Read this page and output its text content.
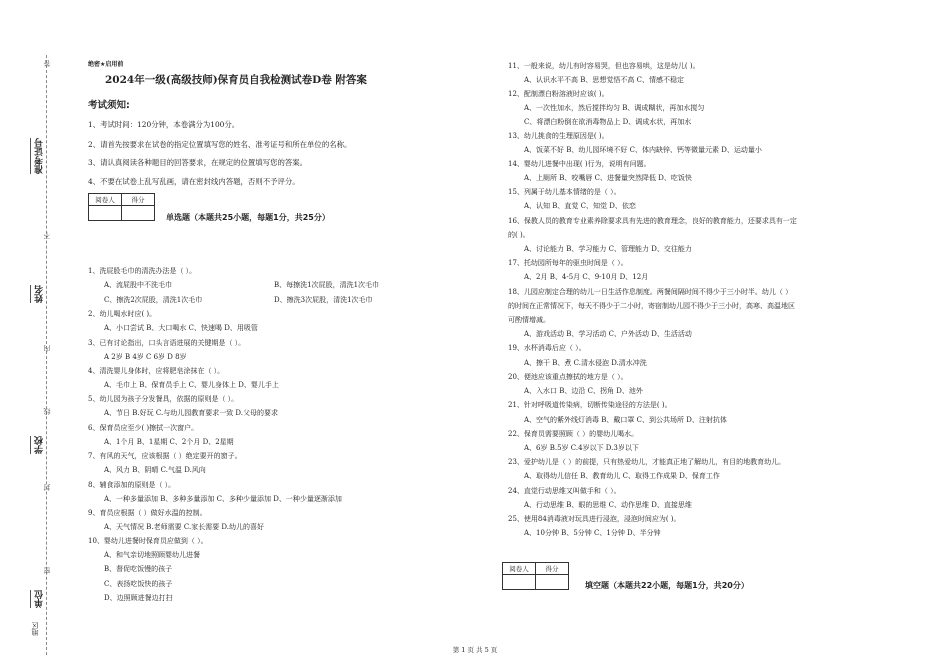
准考证号
姓名
学校
单位
地区
答
不
内
线
封
密
绝密★启用前
2024年一级(高级技师)保育员自我检测试卷D卷 附答案
考试须知:
1、考试时间：120分钟，本卷满分为100分。
2、请首先按要求在试卷的指定位置填写您的姓名、准考证号和所在单位的名称。
3、请认真阅读各种题目的回答要求，在规定的位置填写您的答案。
4、不要在试卷上乱写乱画，请在密封线内答题，否则不予评分。
阅卷人	得分

单选题（本题共25小题，每题1分，共25分）
1、洗屁股毛巾的清洗办法是（ ）。
A、流屁股中不洗毛巾	B、每擦洗1次屁股，清洗1次毛巾
C、擦洗2次屁股，清洗1次毛巾	D、擦洗3次屁股，清洗1次毛巾
2、幼儿喝水时应( )。
A、小口尝试 B、大口喝水 C、快速喝 D、用吸管
3、已有讨论指出，口头言语进展的关键期是（ ）。
A 2岁 B 4岁 C 6岁 D 8岁
4、清洗婴儿身体时，应将肥皂涂抹在（ ）。
A、毛巾上 B、保育员手上 C、婴儿身体上 D、婴儿手上
5、幼儿园为孩子分发餐具，依据的原则是（ ）。
A、节日 B.好玩 C.与幼儿园教育要求一致 D.父母的要求
6、保育员应至少( )擦拭一次窗户。
A、1个月 B、1星期 C、2个月 D、2星期
7、有风的天气，应该根据（ ）绝定要开的窗子。
A、风力 B、阴晴 C.气温 D.风向
8、辅食添加的原则是（ ）。
A、一种多量添加 B、多种多量添加 C、多种少量添加 D、一种少量逐渐添加
9、育员应根据（ ）做好水温的控制。
A、天气情况 B.老师需要 C.家长需要 D.幼儿的喜好
10、婴幼儿进餐时保育员应做到（ ）。
A、和气亲切地照顾婴幼儿进餐
B、督促吃饭慢的孩子
C、表扬吃饭快的孩子
D、边照顾进餐边打扫
11、一般来说，幼儿有时容易哭，但也容易哄，这是幼儿( )。
A、认识水平不高 B、思想觉悟不高 C、情感不稳定
12、配制漂白粉溶液时应该( )。
A、一次性加水，然后搅拌均匀 B、调成糊状，再加水搅匀
C、将漂白粉倒在欲消毒物品上 D、调成水状，再加水
13、幼儿挑食的生理原因是( )。
A、饭菜不好 B、幼儿园环境不好 C、体内缺锌、钙等微量元素 D、运动量小
14、婴幼儿进餐中出现( )行为，说明有问题。
A、上厕所 B、咬嘴唇 C、进餐量突然降低 D、吃饭快
15、列属于幼儿基本情绪的是（ ）。
A、认知 B、直觉 C、知觉 D、依恋
16、保教人员的教育专业素养除要求具有先进的教育理念，良好的教育能力，还要求具有一定
的( )。
A、讨论能力 B、学习能力 C、管理能力 D、交往能力
17、托幼园所每年的驱虫时间是（ ）。
A、2月 B、4-5月 C、9-10月 D、12月
18、儿园应制定合理的幼儿一日生活作息制度。两餐间隔时间不得少于三小时半。幼儿（ ）
的时间在正常情况下，每天不得少于二小时，寄宿制幼儿园不得少于三小时，高寒、高温地区
可酌情增减。
A、游戏活动 B、学习活动 C、户外活动 D、生活活动
19、水杯消毒后应（ ）。
A、擦干 B、煮 C.清水侵泡 D.清水冲洗
20、便池应该重点擦拭的地方是（ ）。
A、入水口 B、边沿 C、拐角 D、池外
21、针对呼吸道传染病，切断传染途径的方法是( )。
A、空气的紫外线灯消毒 B、戴口罩 C、到公共场所 D、注射抗体
22、保育员需要照顾（ ）的婴幼儿喝水。
A、6岁 B.5岁 C.4岁以下 D.3岁以下
23、爱护幼儿是（ ）的前提，只有热爱幼儿，才能真正地了解幼儿，有目的地教育幼儿。
A、取得幼儿信任 B、教育幼儿 C、取得工作成果 D、保育工作
24、直觉行动思维又叫做手和（ ）。
A、行动思维 B、眼的思维 C、动作思维 D、直接思维
25、使用84消毒液对玩具进行浸泡，浸泡时间应为( )。
A、10分钟 B、5分钟 C、1分钟 D、半分钟
阅卷人	得分

填空题（本题共22小题，每题1分，共20分）
第 1 页 共 5 页
